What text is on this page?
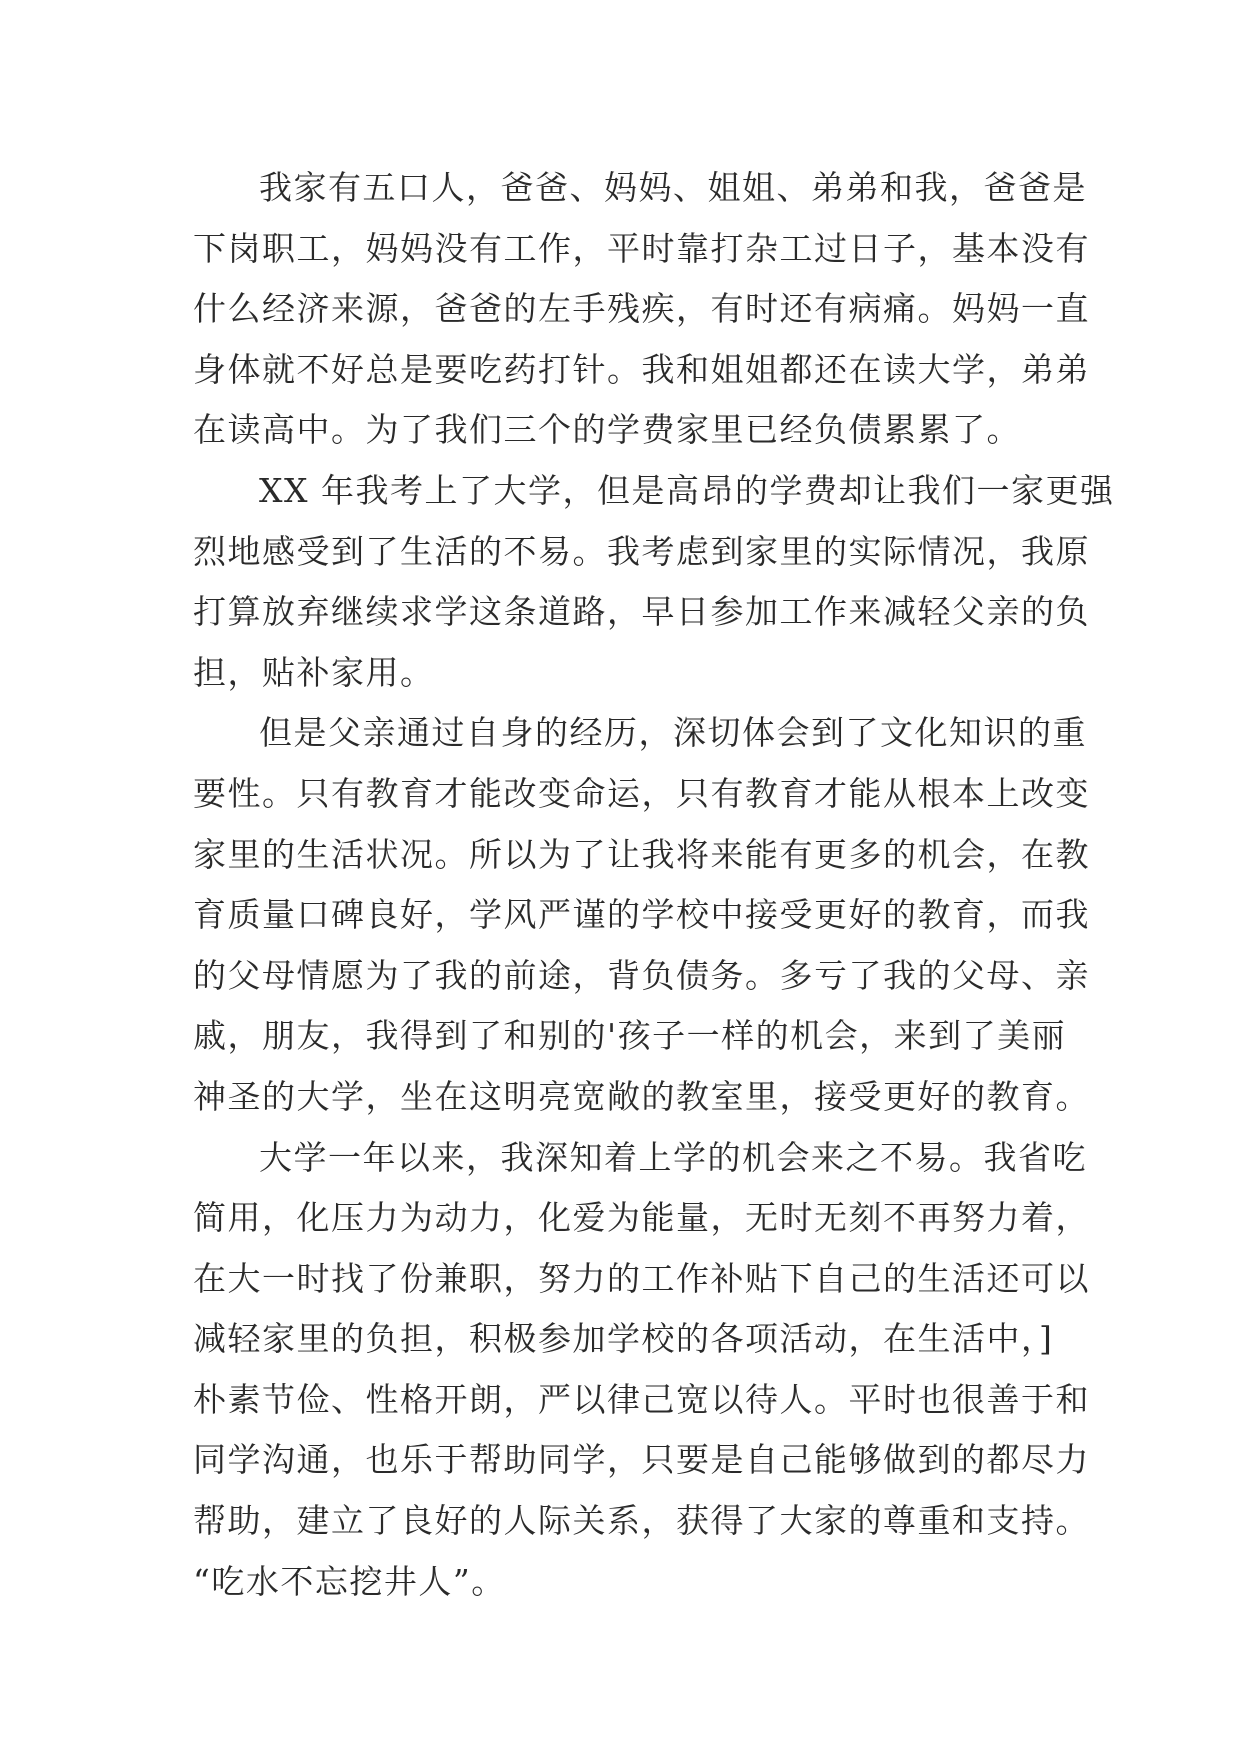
我家有五口人，爸爸、妈妈、姐姐、弟弟和我，爸爸是
下岗职工，妈妈没有工作，平时靠打杂工过日子，基本没有
什么经济来源，爸爸的左手残疾，有时还有病痛。妈妈一直
身体就不好总是要吃药打针。我和姐姐都还在读大学，弟弟
在读高中。为了我们三个的学费家里已经负债累累了。
XX 年我考上了大学，但是高昂的学费却让我们一家更强
烈地感受到了生活的不易。我考虑到家里的实际情况，我原
打算放弃继续求学这条道路，早日参加工作来减轻父亲的负
担，贴补家用。
但是父亲通过自身的经历，深切体会到了文化知识的重
要性。只有教育才能改变命运，只有教育才能从根本上改变
家里的生活状况。所以为了让我将来能有更多的机会，在教
育质量口碑良好，学风严谨的学校中接受更好的教育，而我
的父母情愿为了我的前途，背负债务。多亏了我的父母、亲
戚，朋友，我得到了和别的'孩子一样的机会，来到了美丽
神圣的大学，坐在这明亮宽敞的教室里，接受更好的教育。
大学一年以来，我深知着上学的机会来之不易。我省吃
简用，化压力为动力，化爱为能量，无时无刻不再努力着，
在大一时找了份兼职，努力的工作补贴下自己的生活还可以
减轻家里的负担，积极参加学校的各项活动，在生活中，]
朴素节俭、性格开朗，严以律己宽以待人。平时也很善于和
同学沟通，也乐于帮助同学，只要是自己能够做到的都尽力
帮助，建立了良好的人际关系，获得了大家的尊重和支持。
“吃水不忘挖井人”。
